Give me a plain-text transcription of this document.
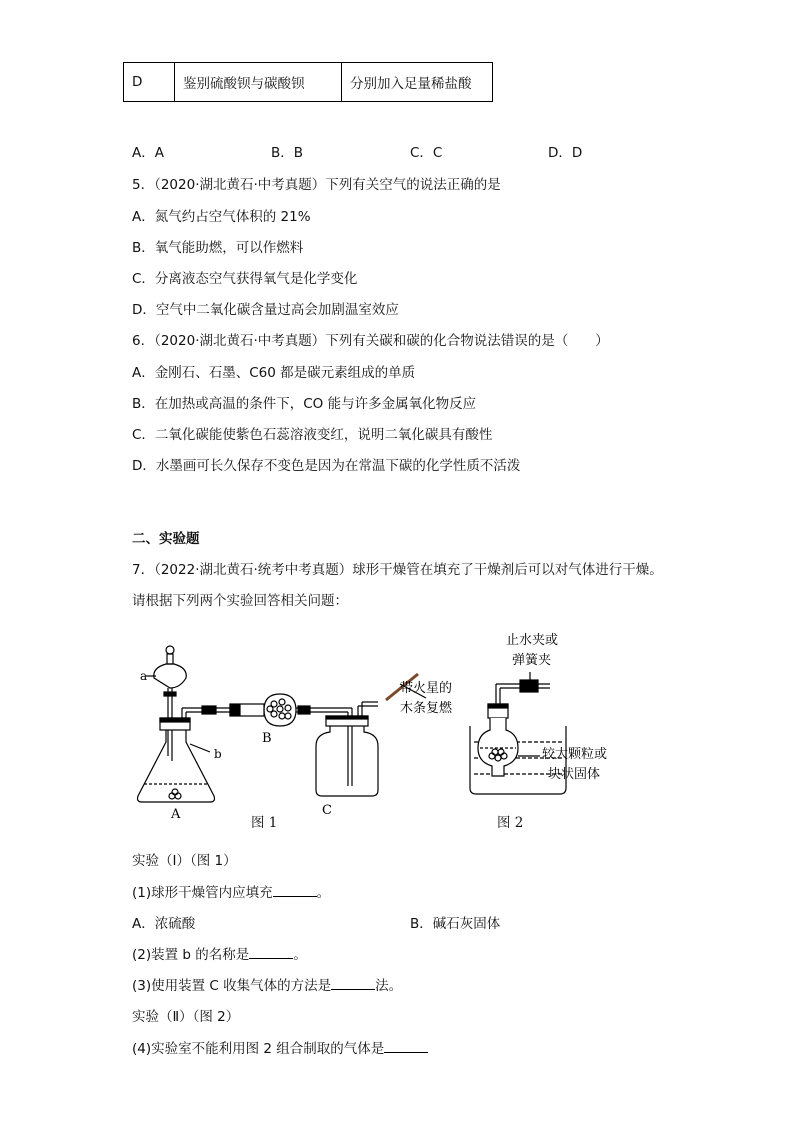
D	鉴别硫酸钡与碳酸钡	分别加入足量稀盐酸
A．A	B．B	C．C	D．D
5．（2020·湖北黄石·中考真题）下列有关空气的说法正确的是
A．氮气约占空气体积的 21%
B．氧气能助燃，可以作燃料
C．分离液态空气获得氧气是化学变化
D．空气中二氧化碳含量过高会加剧温室效应
6．（2020·湖北黄石·中考真题）下列有关碳和碳的化合物说法错误的是（　　）
A．金刚石、石墨、C60 都是碳元素组成的单质
B．在加热或高温的条件下，CO 能与许多金属氧化物反应
C．二氧化碳能使紫色石蕊溶液变红，说明二氧化碳具有酸性
D．水墨画可长久保存不变色是因为在常温下碳的化学性质不活泼
二、实验题
7．（2022·湖北黄石·统考中考真题）球形干燥管在填充了干燥剂后可以对气体进行干燥。
请根据下列两个实验回答相关问题：
a
b
A
B
C
带火星的
木条复燃
图 1
止水夹或
弹簧夹
较大颗粒或
块状固体
图 2
实验（Ⅰ）（图 1）
(1)球形干燥管内应填充	。
A．浓硫酸	B．碱石灰固体
(2)装置 b 的名称是	。
(3)使用装置 C 收集气体的方法是	法。
实验（Ⅱ）（图 2）
(4)实验室不能利用图 2 组合制取的气体是
